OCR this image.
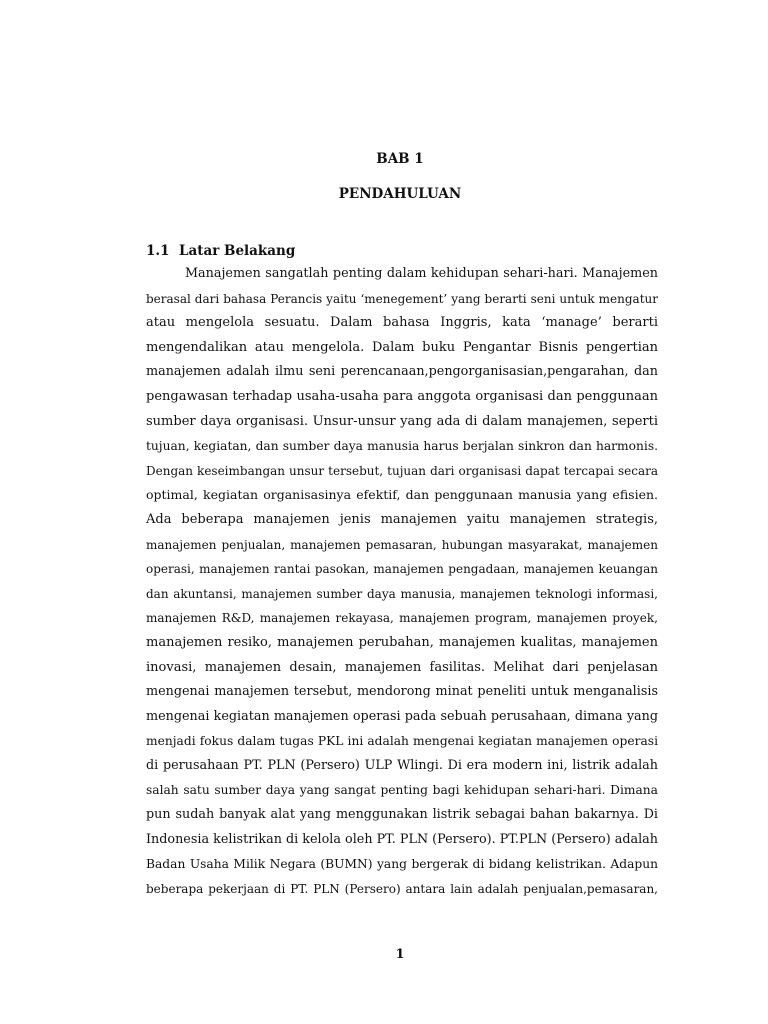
BAB 1
PENDAHULUAN
1.1 Latar Belakang
Manajemen sangatlah penting dalam kehidupan sehari-hari. Manajemen
berasal dari bahasa Perancis yaitu ‘menegement’ yang berarti seni untuk mengatur
atau mengelola sesuatu. Dalam bahasa Inggris, kata ‘manage’ berarti
mengendalikan atau mengelola. Dalam buku Pengantar Bisnis pengertian
manajemen adalah ilmu seni perencanaan,pengorganisasian,pengarahan, dan
pengawasan terhadap usaha-usaha para anggota organisasi dan penggunaan
sumber daya organisasi. Unsur-unsur yang ada di dalam manajemen, seperti
tujuan, kegiatan, dan sumber daya manusia harus berjalan sinkron dan harmonis.
Dengan keseimbangan unsur tersebut, tujuan dari organisasi dapat tercapai secara
optimal, kegiatan organisasinya efektif, dan penggunaan manusia yang efisien.
Ada beberapa manajemen jenis manajemen yaitu manajemen strategis,
manajemen penjualan, manajemen pemasaran, hubungan masyarakat, manajemen
operasi, manajemen rantai pasokan, manajemen pengadaan, manajemen keuangan
dan akuntansi, manajemen sumber daya manusia, manajemen teknologi informasi,
manajemen R&D, manajemen rekayasa, manajemen program, manajemen proyek,
manajemen resiko, manajemen perubahan, manajemen kualitas, manajemen
inovasi, manajemen desain, manajemen fasilitas. Melihat dari penjelasan
mengenai manajemen tersebut, mendorong minat peneliti untuk menganalisis
mengenai kegiatan manajemen operasi pada sebuah perusahaan, dimana yang
menjadi fokus dalam tugas PKL ini adalah mengenai kegiatan manajemen operasi
di perusahaan PT. PLN (Persero) ULP Wlingi. Di era modern ini, listrik adalah
salah satu sumber daya yang sangat penting bagi kehidupan sehari-hari. Dimana
pun sudah banyak alat yang menggunakan listrik sebagai bahan bakarnya. Di
Indonesia kelistrikan di kelola oleh PT. PLN (Persero). PT.PLN (Persero) adalah
Badan Usaha Milik Negara (BUMN) yang bergerak di bidang kelistrikan. Adapun
beberapa pekerjaan di PT. PLN (Persero) antara lain adalah penjualan,pemasaran,
1
